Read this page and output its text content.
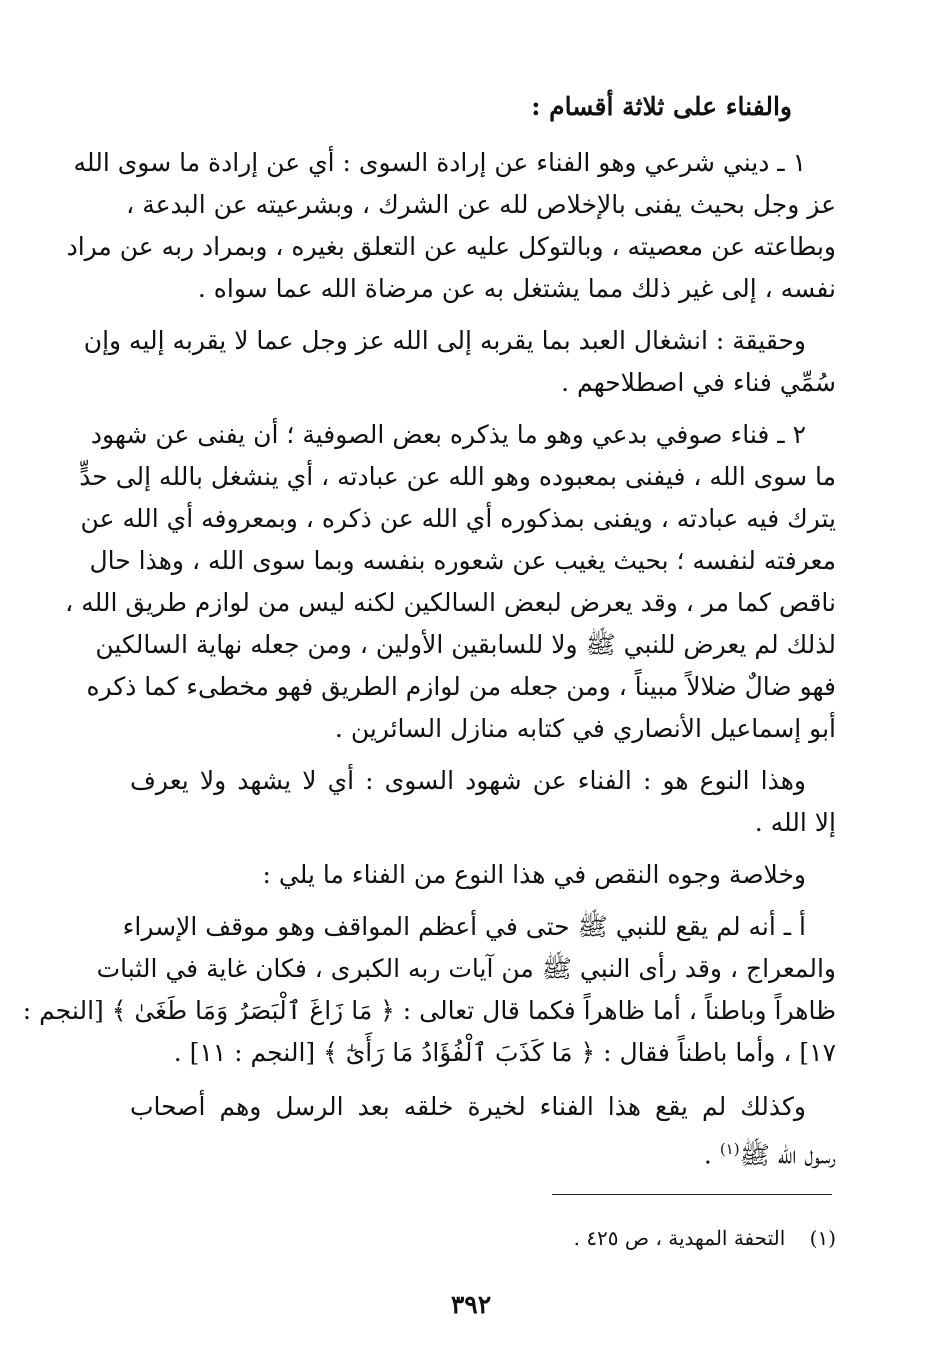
والفناء على ثلاثة أقسام :
١ ـ ديني شرعي وهو الفناء عن إرادة السوى : أي عن إرادة ما سوى الله
عز وجل بحيث يفنى بالإخلاص لله عن الشرك ، وبشرعيته عن البدعة ،
وبطاعته عن معصيته ، وبالتوكل عليه عن التعلق بغيره ، وبمراد ربه عن مراد
نفسه ، إلى غير ذلك مما يشتغل به عن مرضاة الله عما سواه .
وحقيقة : انشغال العبد بما يقربه إلى الله عز وجل عما لا يقربه إليه وإن
سُمِّي فناء في اصطلاحهم .
٢ ـ فناء صوفي بدعي وهو ما يذكره بعض الصوفية ؛ أن يفنى عن شهود
ما سوى الله ، فيفنى بمعبوده وهو الله عن عبادته ، أي ينشغل بالله إلى حدٍّ
يترك فيه عبادته ، ويفنى بمذكوره أي الله عن ذكره ، وبمعروفه أي الله عن
معرفته لنفسه ؛ بحيث يغيب عن شعوره بنفسه وبما سوى الله ، وهذا حال
ناقص كما مر ، وقد يعرض لبعض السالكين لكنه ليس من لوازم طريق الله ،
لذلك لم يعرض للنبي ﷺ ولا للسابقين الأولين ، ومن جعله نهاية السالكين
فهو ضالٌ ضلالاً مبيناً ، ومن جعله من لوازم الطريق فهو مخطىء كما ذكره
أبو إسماعيل الأنصاري في كتابه منازل السائرين .
وهذا النوع هو : الفناء عن شهود السوى : أي لا يشهد ولا يعرف
إلا الله .
وخلاصة وجوه النقص في هذا النوع من الفناء ما يلي :
أ ـ أنه لم يقع للنبي ﷺ حتى في أعظم المواقف وهو موقف الإسراء
والمعراج ، وقد رأى النبي ﷺ من آيات ربه الكبرى ، فكان غاية في الثبات
ظاهراً وباطناً ، أما ظاهراً فكما قال تعالى : ﴿ مَا زَاغَ ٱلْبَصَرُ وَمَا طَغَىٰ ﴾ [النجم :
١٧] ، وأما باطناً فقال : ﴿ مَا كَذَبَ ٱلْفُؤَادُ مَا رَأَىٰٓ ﴾ [النجم : ١١] .
وكذلك لم يقع هذا الفناء لخيرة خلقه بعد الرسل وهم أصحاب
رسول الله ﷺ$^{(١)}$ .
(١) التحفة المهدية ، ص ٤٢٥ .
٣٩٢
